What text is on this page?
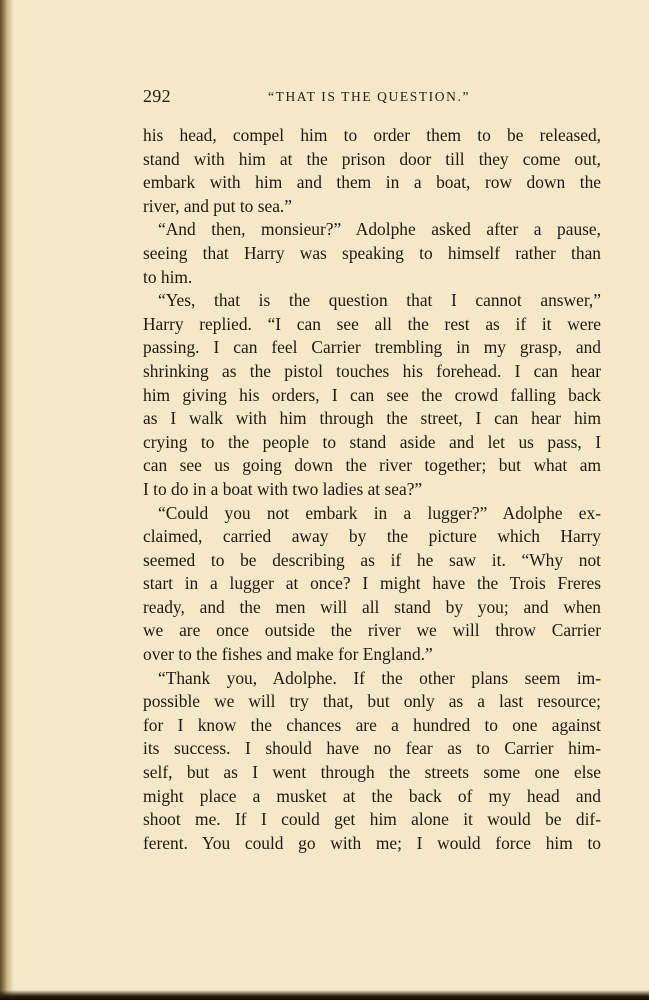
292	“THAT IS THE QUESTION.”
his head, compel him to order them to be released,
stand with him at the prison door till they come out,
embark with him and them in a boat, row down the
river, and put to sea.”
“And then, monsieur?” Adolphe asked after a pause,
seeing that Harry was speaking to himself rather than
to him.
“Yes, that is the question that I cannot answer,”
Harry replied. “I can see all the rest as if it were
passing. I can feel Carrier trembling in my grasp, and
shrinking as the pistol touches his forehead. I can hear
him giving his orders, I can see the crowd falling back
as I walk with him through the street, I can hear him
crying to the people to stand aside and let us pass, I
can see us going down the river together; but what am
I to do in a boat with two ladies at sea?”
“Could you not embark in a lugger?” Adolphe ex-
claimed, carried away by the picture which Harry
seemed to be describing as if he saw it. “Why not
start in a lugger at once? I might have the Trois Freres
ready, and the men will all stand by you; and when
we are once outside the river we will throw Carrier
over to the fishes and make for England.”
“Thank you, Adolphe. If the other plans seem im-
possible we will try that, but only as a last resource;
for I know the chances are a hundred to one against
its success. I should have no fear as to Carrier him-
self, but as I went through the streets some one else
might place a musket at the back of my head and
shoot me. If I could get him alone it would be dif-
ferent. You could go with me; I would force him to
